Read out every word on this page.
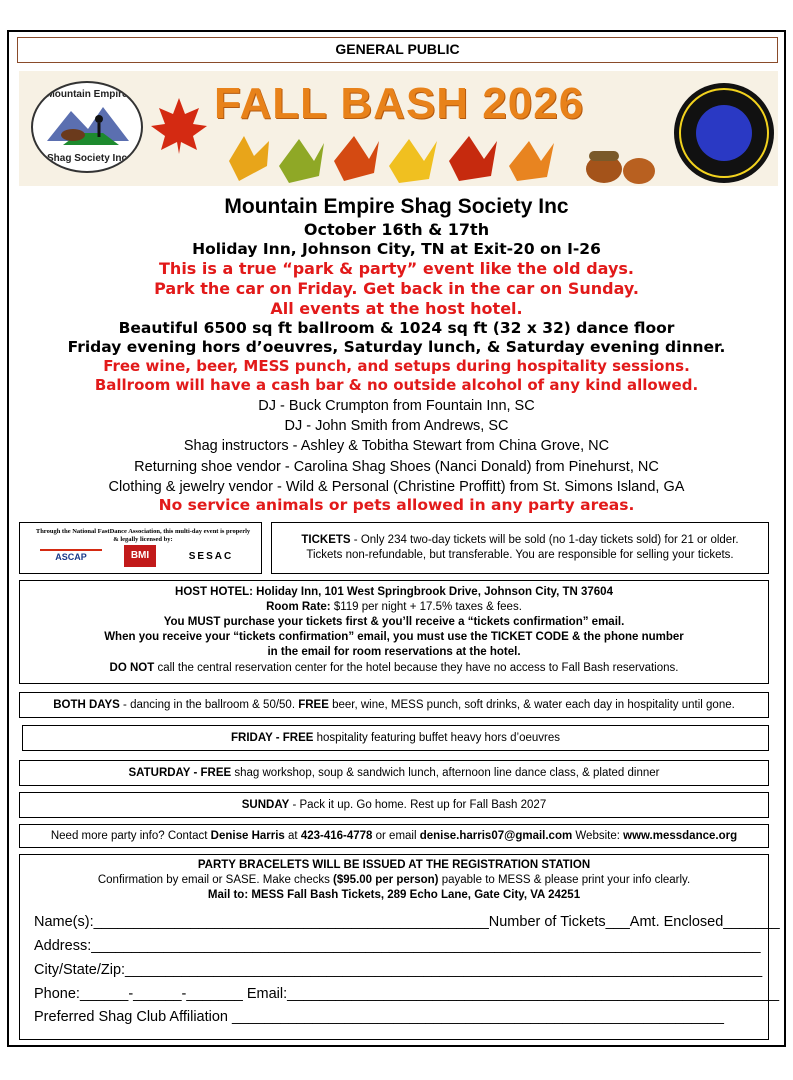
GENERAL PUBLIC
Mountain Empire
Shag Society Inc
FALL BASH 2026
Mountain Empire Shag Society Inc
October 16th & 17th
Holiday Inn, Johnson City, TN at Exit-20 on I-26
This is a true “park & party” event like the old days.
Park the car on Friday. Get back in the car on Sunday.
All events at the host hotel.
Beautiful 6500 sq ft ballroom & 1024 sq ft (32 x 32) dance floor
Friday evening hors d’oeuvres, Saturday lunch, & Saturday evening dinner.
Free wine, beer, MESS punch, and setups during hospitality sessions.
Ballroom will have a cash bar & no outside alcohol of any kind allowed.
DJ - Buck Crumpton from Fountain Inn, SC
DJ - John Smith from Andrews, SC
Shag instructors - Ashley & Tobitha Stewart from China Grove, NC
Returning shoe vendor - Carolina Shag Shoes (Nanci Donald) from Pinehurst, NC
Clothing & jewelry vendor - Wild & Personal (Christine Proffitt) from St. Simons Island, GA
No service animals or pets allowed in any party areas.
Through the National FastDance Association, this multi-day event is properly & legally licensed by:
ASCAP	BMI	SESAC
TICKETS - Only 234 two-day tickets will be sold (no 1-day tickets sold) for 21 or older.
Tickets non-refundable, but transferable. You are responsible for selling your tickets.
HOST HOTEL: Holiday Inn, 101 West Springbrook Drive, Johnson City, TN 37604
Room Rate: $119 per night + 17.5% taxes & fees.
You MUST purchase your tickets first & you’ll receive a “tickets confirmation” email.
When you receive your “tickets confirmation” email, you must use the TICKET CODE & the phone number
in the email for room reservations at the hotel.
DO NOT call the central reservation center for the hotel because they have no access to Fall Bash reservations.
BOTH DAYS - dancing in the ballroom & 50/50. FREE beer, wine, MESS punch, soft drinks, & water each day in hospitality until gone.
FRIDAY - FREE hospitality featuring buffet heavy hors d’oeuvres
SATURDAY - FREE shag workshop, soup & sandwich lunch, afternoon line dance class, & plated dinner
SUNDAY - Pack it up. Go home. Rest up for Fall Bash 2027
Need more party info? Contact Denise Harris at 423-416-4778 or email denise.harris07@gmail.com Website: www.messdance.org
PARTY BRACELETS WILL BE ISSUED AT THE REGISTRATION STATION
Confirmation by email or SASE. Make checks ($95.00 per person) payable to MESS & please print your info clearly.
Mail to: MESS Fall Bash Tickets, 289 Echo Lane, Gate City, VA 24251
Name(s):_________________________________________________Number of Tickets___Amt. Enclosed_______
Address:___________________________________________________________________________________
City/State/Zip:_______________________________________________________________________________
Phone:______-______-_______ Email:_____________________________________________________________
Preferred Shag Club Affiliation _____________________________________________________________
